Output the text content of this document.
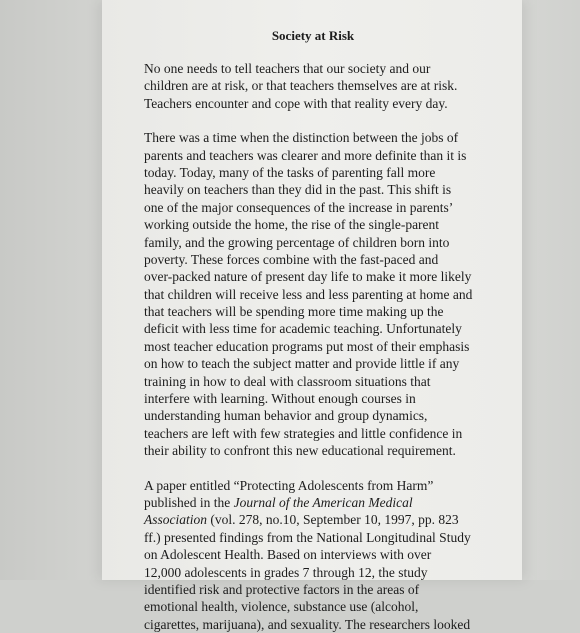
Society at Risk

No one needs to tell teachers that our society and our
children are at risk, or that teachers themselves are at risk.
Teachers encounter and cope with that reality every day.

There was a time when the distinction between the jobs of
parents and teachers was clearer and more definite than it is
today. Today, many of the tasks of parenting fall more
heavily on teachers than they did in the past. This shift is
one of the major consequences of the increase in parents’
working outside the home, the rise of the single-parent
family, and the growing percentage of children born into
poverty. These forces combine with the fast-paced and
over-packed nature of present day life to make it more likely
that children will receive less and less parenting at home and
that teachers will be spending more time making up the
deficit with less time for academic teaching. Unfortunately
most teacher education programs put most of their emphasis
on how to teach the subject matter and provide little if any
training in how to deal with classroom situations that
interfere with learning. Without enough courses in
understanding human behavior and group dynamics,
teachers are left with few strategies and little confidence in
their ability to confront this new educational requirement.

A paper entitled “Protecting Adolescents from Harm”
published in the Journal of the American Medical
Association (vol. 278, no.10, September 10, 1997, pp. 823
ff.) presented findings from the National Longitudinal Study
on Adolescent Health. Based on interviews with over
12,000 adolescents in grades 7 through 12, the study
identified risk and protective factors in the areas of
emotional health, violence, substance use (alcohol,
cigarettes, marijuana), and sexuality. The researchers looked
